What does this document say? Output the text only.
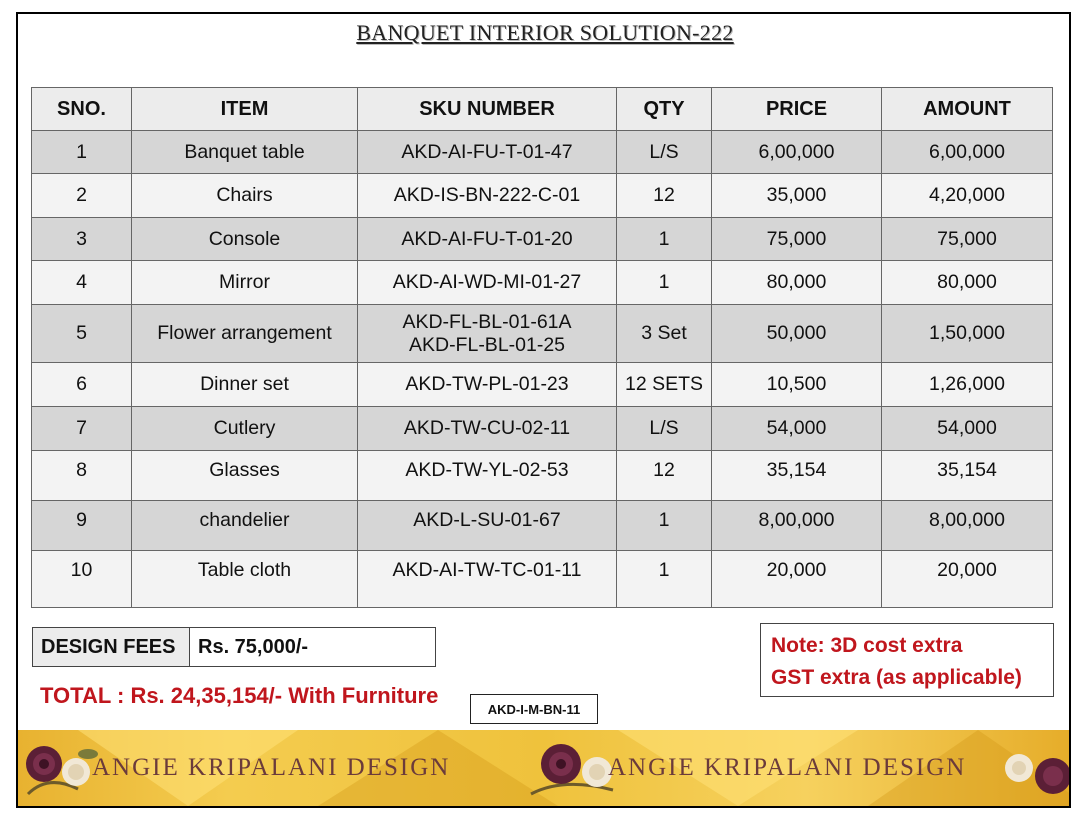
BANQUET INTERIOR SOLUTION-222
SNO.	ITEM	SKU NUMBER	QTY	PRICE	AMOUNT
1	Banquet table	AKD-AI-FU-T-01-47	L/S	6,00,000	6,00,000
2	Chairs	AKD-IS-BN-222-C-01	12	35,000	4,20,000
3	Console	AKD-AI-FU-T-01-20	1	75,000	75,000
4	Mirror	AKD-AI-WD-MI-01-27	1	80,000	80,000
5	Flower arrangement	AKD-FL-BL-01-61A
AKD-FL-BL-01-25	3 Set	50,000	1,50,000
6	Dinner set	AKD-TW-PL-01-23	12 SETS	10,500	1,26,000
7	Cutlery	AKD-TW-CU-02-11	L/S	54,000	54,000
8	Glasses	AKD-TW-YL-02-53	12	35,154	35,154
9	chandelier	AKD-L-SU-01-67	1	8,00,000	8,00,000
10	Table cloth	AKD-AI-TW-TC-01-11	1	20,000	20,000
DESIGN FEES	Rs. 75,000/-
TOTAL : Rs. 24,35,154/- With Furniture
AKD-I-M-BN-11
Note: 3D cost extra
GST extra (as applicable)
ANGIE KRIPALANI DESIGN	ANGIE KRIPALANI DESIGN
